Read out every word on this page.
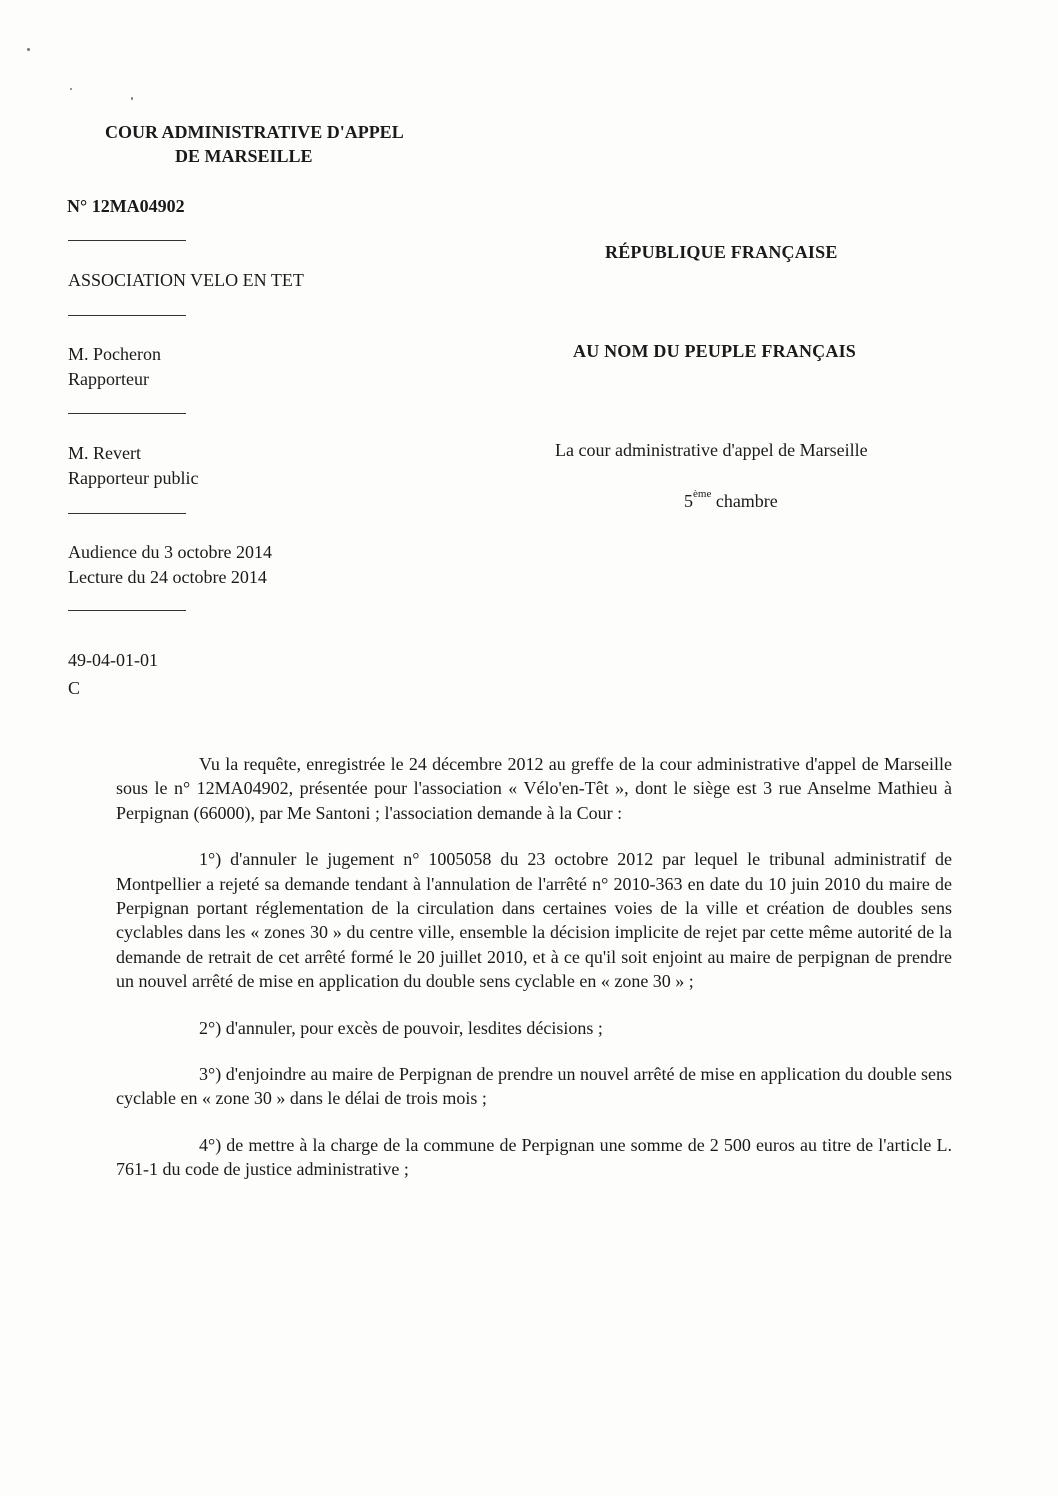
COUR ADMINISTRATIVE D'APPEL
DE MARSEILLE
N° 12MA04902
ASSOCIATION VELO EN TET
M. Pocheron
Rapporteur
M. Revert
Rapporteur public
Audience du 3 octobre 2014
Lecture du 24 octobre 2014
49-04-01-01
C
RÉPUBLIQUE FRANÇAISE
AU NOM DU PEUPLE FRANÇAIS
La cour administrative d'appel de Marseille
5ème chambre

Vu la requête, enregistrée le 24 décembre 2012 au greffe de la cour administrative d'appel de Marseille sous le n° 12MA04902, présentée pour l'association « Vélo'en-Têt », dont le siège est 3 rue Anselme Mathieu à Perpignan (66000), par Me Santoni ; l'association demande à la Cour :

1°) d'annuler le jugement n° 1005058 du 23 octobre 2012 par lequel le tribunal administratif de Montpellier a rejeté sa demande tendant à l'annulation de l'arrêté n° 2010-363 en date du 10 juin 2010 du maire de Perpignan portant réglementation de la circulation dans certaines voies de la ville et création de doubles sens cyclables dans les « zones 30 » du centre ville, ensemble la décision implicite de rejet par cette même autorité de la demande de retrait de cet arrêté formé le 20 juillet 2010, et à ce qu'il soit enjoint au maire de perpignan de prendre un nouvel arrêté de mise en application du double sens cyclable en « zone 30 » ;

2°) d'annuler, pour excès de pouvoir, lesdites décisions ;

3°) d'enjoindre au maire de Perpignan de prendre un nouvel arrêté de mise en application du double sens cyclable en « zone 30 » dans le délai de trois mois ;

4°) de mettre à la charge de la commune de Perpignan une somme de 2 500 euros au titre de l'article L. 761-1 du code de justice administrative ;
